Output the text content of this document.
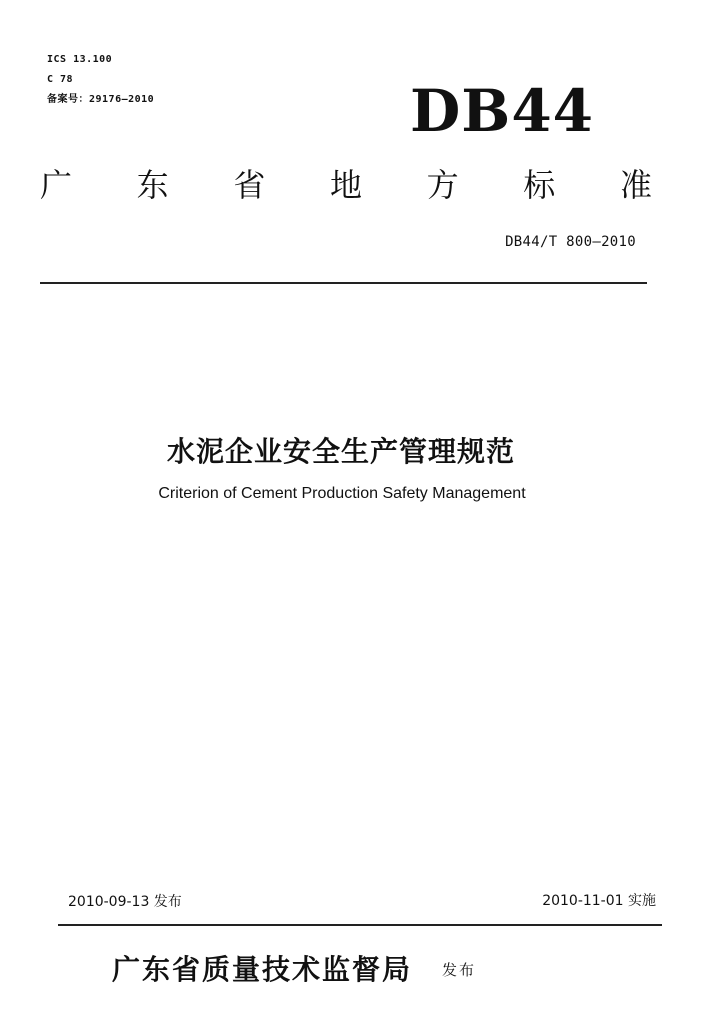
ICS 13.100
C 78
备案号：29176—2010	DB44
广 东 省 地 方 标 准
DB44/T 800—2010
水泥企业安全生产管理规范
Criterion of Cement Production Safety Management
2010-09-13 发布	2010-11-01 实施
广东省质量技术监督局 发布
